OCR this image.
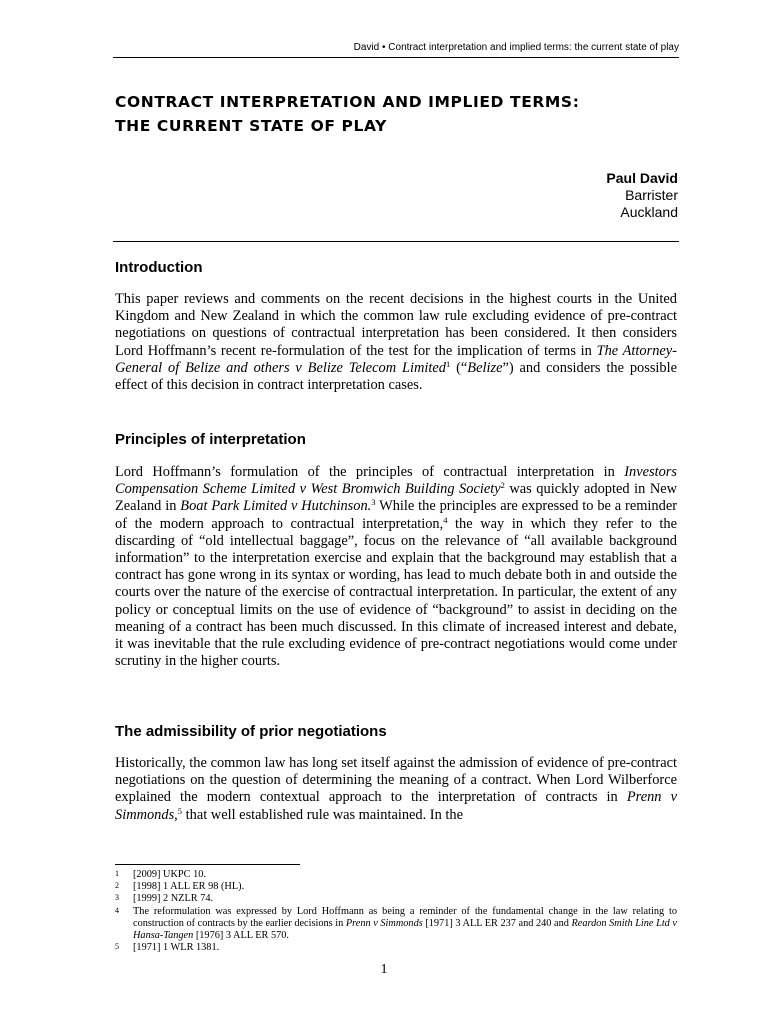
David • Contract interpretation and implied terms: the current state of play
CONTRACT INTERPRETATION AND IMPLIED TERMS:
THE CURRENT STATE OF PLAY
Paul David
Barrister
Auckland
Introduction

This paper reviews and comments on the recent decisions in the highest courts in the United Kingdom and New Zealand in which the common law rule excluding evidence of pre-contract negotiations on questions of contractual interpretation has been considered. It then considers Lord Hoffmann’s recent re-formulation of the test for the implication of terms in The Attorney-General of Belize and others v Belize Telecom Limited$^1$ (“Belize”) and considers the possible effect of this decision in contract interpretation cases.

Principles of interpretation

Lord Hoffmann’s formulation of the principles of contractual interpretation in Investors Compensation Scheme Limited v West Bromwich Building Society$^2$ was quickly adopted in New Zealand in Boat Park Limited v Hutchinson.$^3$ While the principles are expressed to be a reminder of the modern approach to contractual interpretation,$^4$ the way in which they refer to the discarding of “old intellectual baggage”, focus on the relevance of “all available background information” to the interpretation exercise and explain that the background may establish that a contract has gone wrong in its syntax or wording, has lead to much debate both in and outside the courts over the nature of the exercise of contractual interpretation. In particular, the extent of any policy or conceptual limits on the use of evidence of “background” to assist in deciding on the meaning of a contract has been much discussed. In this climate of increased interest and debate, it was inevitable that the rule excluding evidence of pre-contract negotiations would come under scrutiny in the higher courts.

The admissibility of prior negotiations

Historically, the common law has long set itself against the admission of evidence of pre-contract negotiations on the question of determining the meaning of a contract. When Lord Wilberforce explained the modern contextual approach to the interpretation of contracts in Prenn v Simmonds,$^5$ that well established rule was maintained. In the

1	[2009] UKPC 10.
2	[1998] 1 ALL ER 98 (HL).
3	[1999] 2 NZLR 74.
4	The reformulation was expressed by Lord Hoffmann as being a reminder of the fundamental change in the law relating to construction of contracts by the earlier decisions in Prenn v Simmonds [1971] 3 ALL ER 237 and 240 and Reardon Smith Line Ltd v Hansa-Tangen [1976] 3 ALL ER 570.
5	[1971] 1 WLR 1381.
1
